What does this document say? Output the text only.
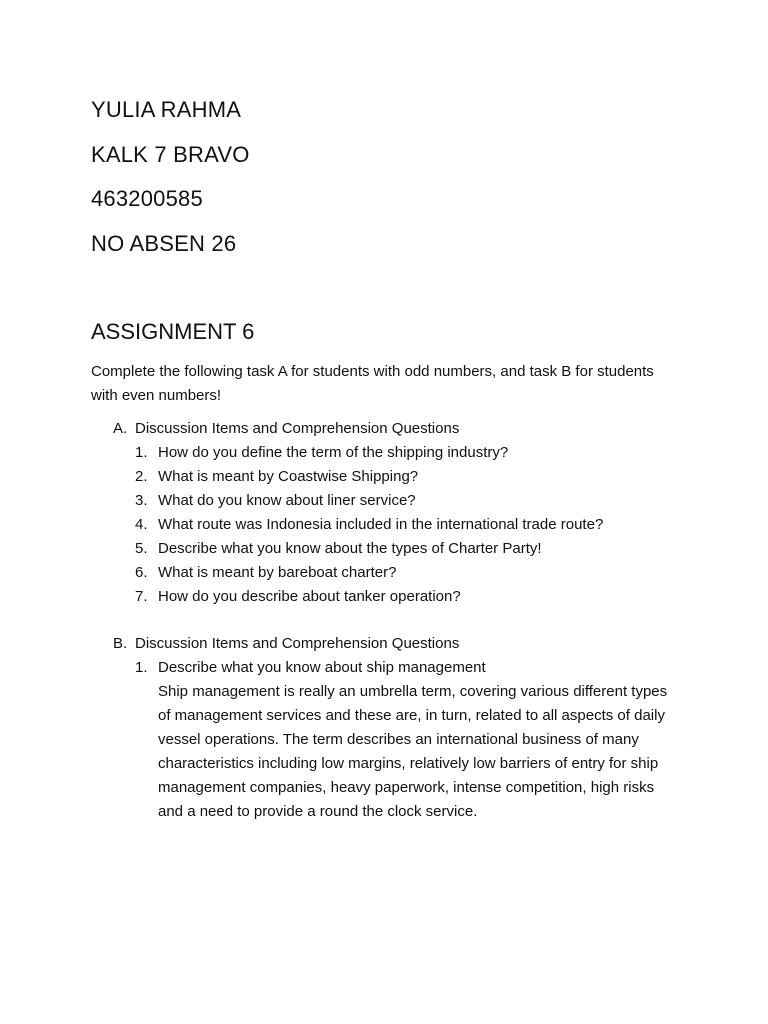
YULIA RAHMA
KALK 7 BRAVO
463200585
NO ABSEN 26
ASSIGNMENT 6
Complete the following task A for students with odd numbers, and task B for students with even numbers!
A. Discussion Items and Comprehension Questions
1. How do you define the term of the shipping industry?
2. What is meant by Coastwise Shipping?
3. What do you know about liner service?
4. What route was Indonesia included in the international trade route?
5. Describe what you know about the types of Charter Party!
6. What is meant by bareboat charter?
7. How do you describe about tanker operation?
B. Discussion Items and Comprehension Questions
1. Describe what you know about ship management
Ship management is really an umbrella term, covering various different types of management services and these are, in turn, related to all aspects of daily vessel operations. The term describes an international business of many characteristics including low margins, relatively low barriers of entry for ship management companies, heavy paperwork, intense competition, high risks and a need to provide a round the clock service.
